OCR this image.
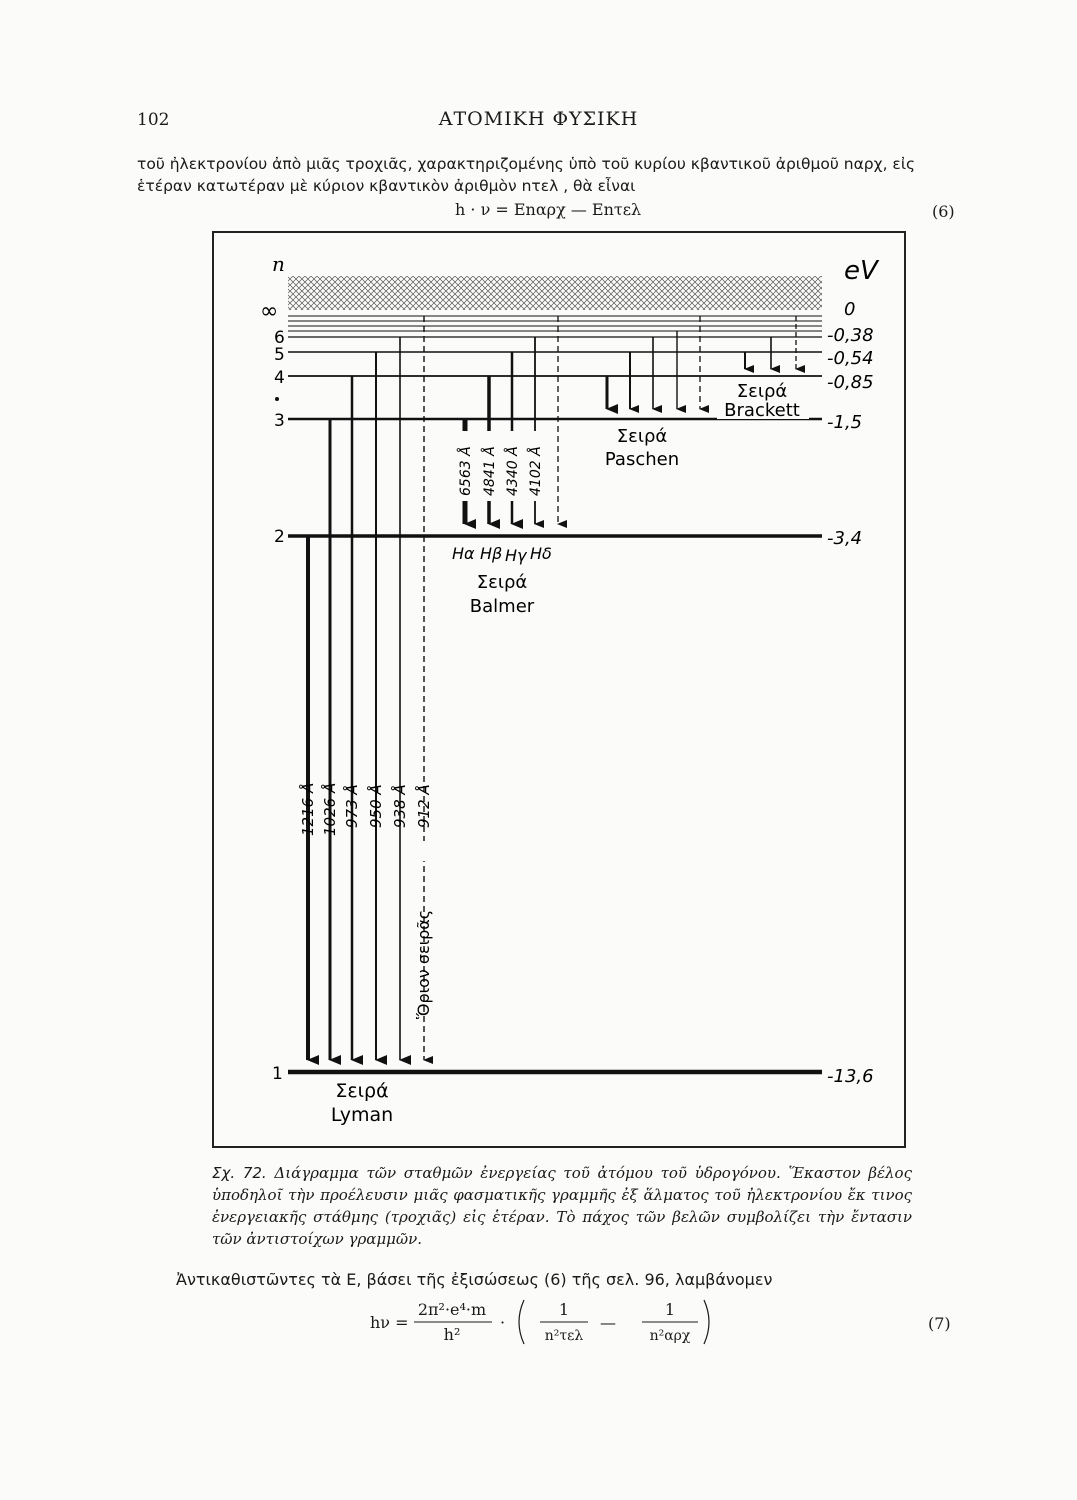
102	ΑΤΟΜΙΚΗ ΦΥΣΙΚΗ
τοῦ ἠλεκτρονίου ἀπὸ μιᾶς τροχιᾶς, χαρακτηριζομένης ὑπὸ τοῦ κυρίου κβαντικοῦ ἀριθμοῦ nαρχ, εἰς ἑτέραν κατωτέραν μὲ κύριον κβαντικὸν ἀριθμὸν nτελ , θὰ εἶναι
h · ν = Enαρχ — Enτελ	(6)
n	eV
∞
6
5
4
3
2
1
0
-0,38
-0,54
-0,85
-1,5
-3,4
-13,6
1216 Å 1026 Å 973 Å 950 Å 938 Å 912 Å
Ὅριον σειρᾶς
6563 Å 4841 Å 4340 Å 4102 Å
Hα Hβ Hγ Hδ
Σειρά
Balmer
Σειρά
Paschen
Σειρά
Brackett
Σειρά
Lyman
Σχ. 72. Διάγραμμα τῶν σταθμῶν ἐνεργείας τοῦ ἀτόμου τοῦ ὑδρογόνου. Ἕκαστον βέλος ὑποδηλοῖ τὴν προέλευσιν μιᾶς φασματικῆς γραμμῆς ἐξ ἅλματος τοῦ ἠλεκτρονίου ἔκ τινος ἐνεργειακῆς στάθμης (τροχιᾶς) εἰς ἑτέραν. Τὸ πάχος τῶν βελῶν συμβολίζει τὴν ἔντασιν τῶν ἀντιστοίχων γραμμῶν.
Ἀντικαθιστῶντες τὰ E, βάσει τῆς ἐξισώσεως (6) τῆς σελ. 96, λαμβάνομεν
hν =
2π²·e⁴·m
h²
·
1
n²τελ
—
1
n²αρχ
(7)
